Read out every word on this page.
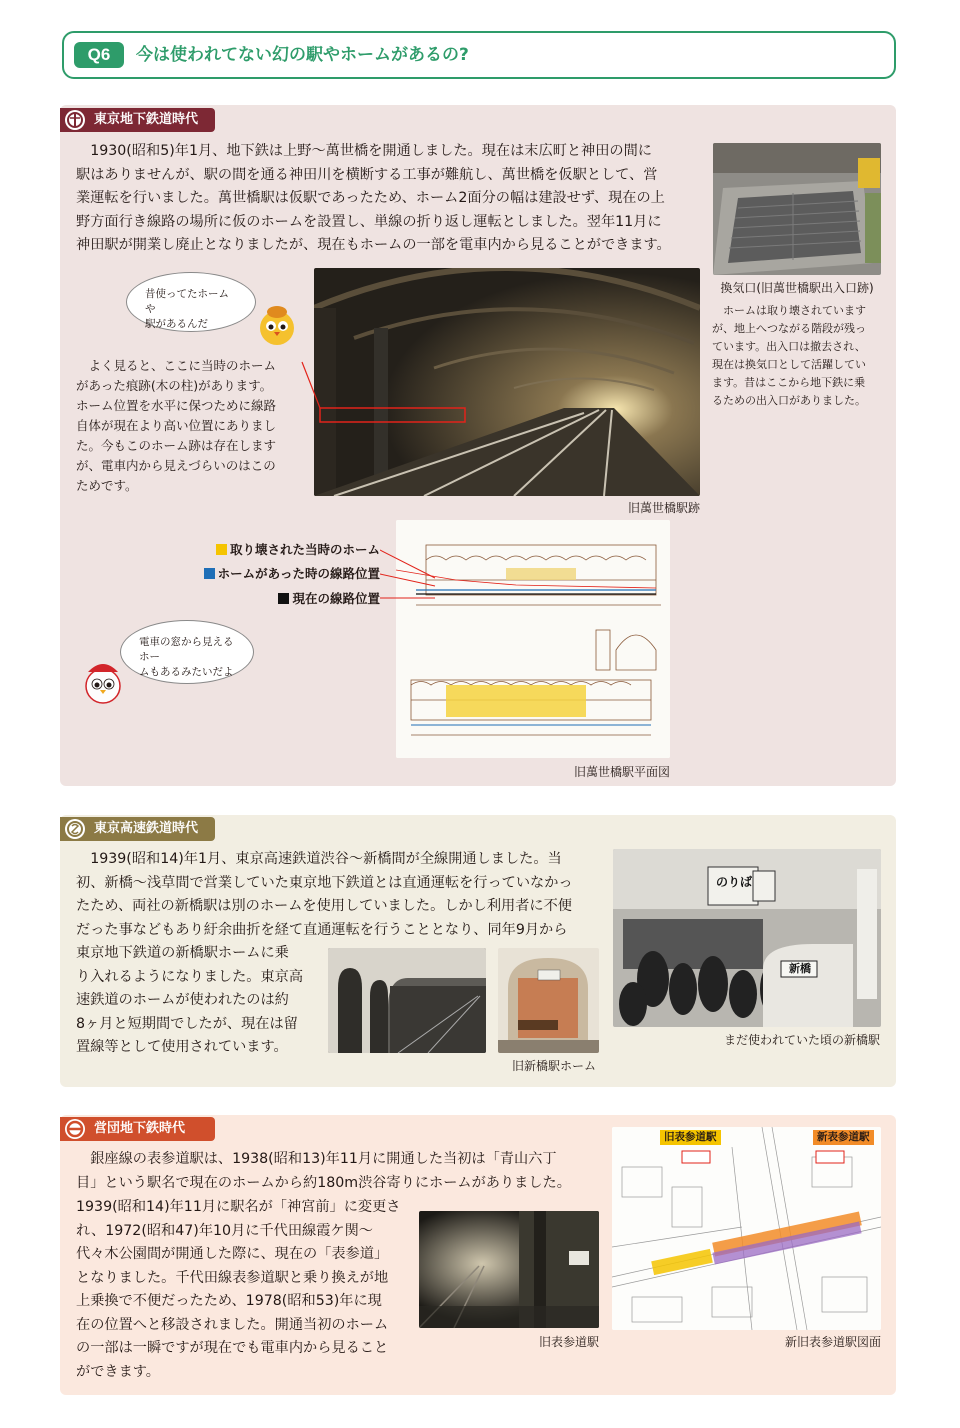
Q6	今は使われてない幻の駅やホームがあるの?
東京地下鉄道時代
1930(昭和5)年1月、地下鉄は上野〜萬世橋を開通しました。現在は末広町と神田の間に
駅はありませんが、駅の間を通る神田川を横断する工事が難航し、萬世橋を仮駅として、営
業運転を行いました。萬世橋駅は仮駅であったため、ホーム2面分の幅は建設せず、現在の上
野方面行き線路の場所に仮のホームを設置し、単線の折り返し運転としました。翌年11月に
神田駅が開業し廃止となりましたが、現在もホームの一部を電車内から見ることができます。
換気口(旧萬世橋駅出入口跡)
ホームは取り壊されています
が、地上へつながる階段が残っ
ています。出入口は撤去され、
現在は換気口として活躍してい
ます。昔はここから地下鉄に乗
るための出入口がありました。
昔使ってたホームや
駅があるんだ
よく見ると、ここに当時のホーム
があった痕跡(木の柱)があります。
ホーム位置を水平に保つために線路
自体が現在より高い位置にありまし
た。今もこのホーム跡は存在します
が、電車内から見えづらいのはこの
ためです。
旧萬世橋駅跡
取り壊された当時のホーム
ホームがあった時の線路位置
現在の線路位置
旧萬世橋駅平面図
電車の窓から見えるホー
ムもあるみたいだよ
東京高速鉄道時代
1939(昭和14)年1月、東京高速鉄道渋谷〜新橋間が全線開通しました。当
初、新橋〜浅草間で営業していた東京地下鉄道とは直通運転を行っていなかっ
たため、両社の新橋駅は別のホームを使用していました。しかし利用者に不便
だった事などもあり紆余曲折を経て直通運転を行うこととなり、同年9月から
東京地下鉄道の新橋駅ホームに乗
り入れるようになりました。東京高
速鉄道のホームが使われたのは約
8ヶ月と短期間でしたが、現在は留
置線等として使用されています。
旧新橋駅ホーム
のりば
新橋
まだ使われていた頃の新橋駅
営団地下鉄時代
銀座線の表参道駅は、1938(昭和13)年11月に開通した当初は「青山六丁
目」という駅名で現在のホームから約180m渋谷寄りにホームがありました。
1939(昭和14)年11月に駅名が「神宮前」に変更さ
れ、1972(昭和47)年10月に千代田線霞ケ関〜
代々木公園間が開通した際に、現在の「表参道」
となりました。千代田線表参道駅と乗り換えが地
上乗換で不便だったため、1978(昭和53)年に現
在の位置へと移設されました。開通当初のホーム
の一部は一瞬ですが現在でも電車内から見ること
ができます。
旧表参道駅
旧表参道駅	新表参道駅
新旧表参道駅図面
